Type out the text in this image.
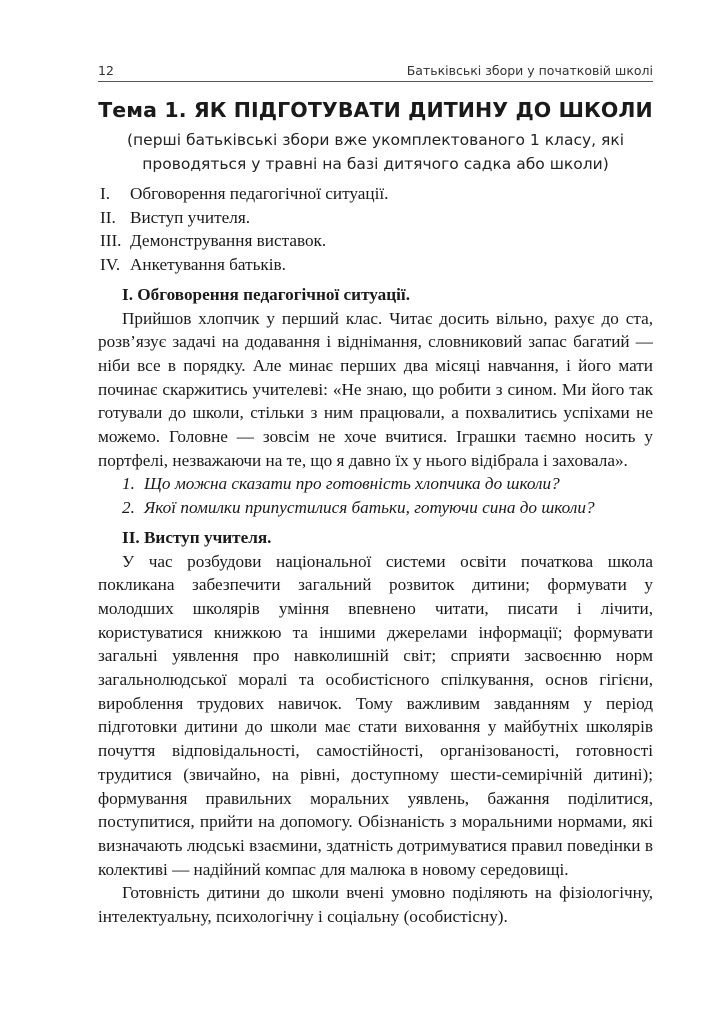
12	Батьківські збори у початковій школі
Тема 1. ЯК ПІДГОТУВАТИ ДИТИНУ ДО ШКОЛИ
(перші батьківські збори вже укомплектованого 1 класу, які
проводяться у травні на базі дитячого садка або школи)
I.	Обговорення педагогічної ситуації.
II. Виступ учителя.
III. Демонстрування виставок.
IV. Анкетування батьків.
I. Обговорення педагогічної ситуації.

Прийшов хлопчик у перший клас. Читає досить вільно, рахує до ста, розв’язує задачі на додавання і віднімання, словниковий запас багатий — ніби все в порядку. Але минає перших два місяці навчання, і його мати починає скаржитись учителеві: «Не знаю, що робити з сином. Ми його так готували до школи, стільки з ним працювали, а похвалитись успіхами не можемо. Головне — зовсім не хоче вчитися. Іграшки таємно носить у портфелі, незважаючи на те, що я давно їх у нього відібрала і заховала».

1. Що можна сказати про готовність хлопчика до школи?
2. Якої помилки припустилися батьки, готуючи сина до школи?
II. Виступ учителя.

У час розбудови національної системи освіти початкова школа покликана забезпечити загальний розвиток дитини; формувати у молодших школярів уміння впевнено читати, писати і лічити, користуватися книжкою та іншими джерелами інформації; формувати загальні уявлення про навколишній світ; сприяти засвоєнню норм загальнолюдської моралі та особистісного спілкування, основ гігієни, вироблення трудових навичок. Тому важливим завданням у період підготовки дитини до школи має стати виховання у майбутніх школярів почуття відповідальності, самостійності, організованості, готовності трудитися (звичайно, на рівні, доступному шести-семирічній дитині); формування правильних моральних уявлень, бажання поділитися, поступитися, прийти на допомогу. Обізнаність з моральними нормами, які визначають людські взаємини, здатність дотримуватися правил поведінки в колективі — надійний компас для малюка в новому середовищі.

Готовність дитини до школи вчені умовно поділяють на фізіологічну, інтелектуальну, психологічну і соціальну (особистісну).
